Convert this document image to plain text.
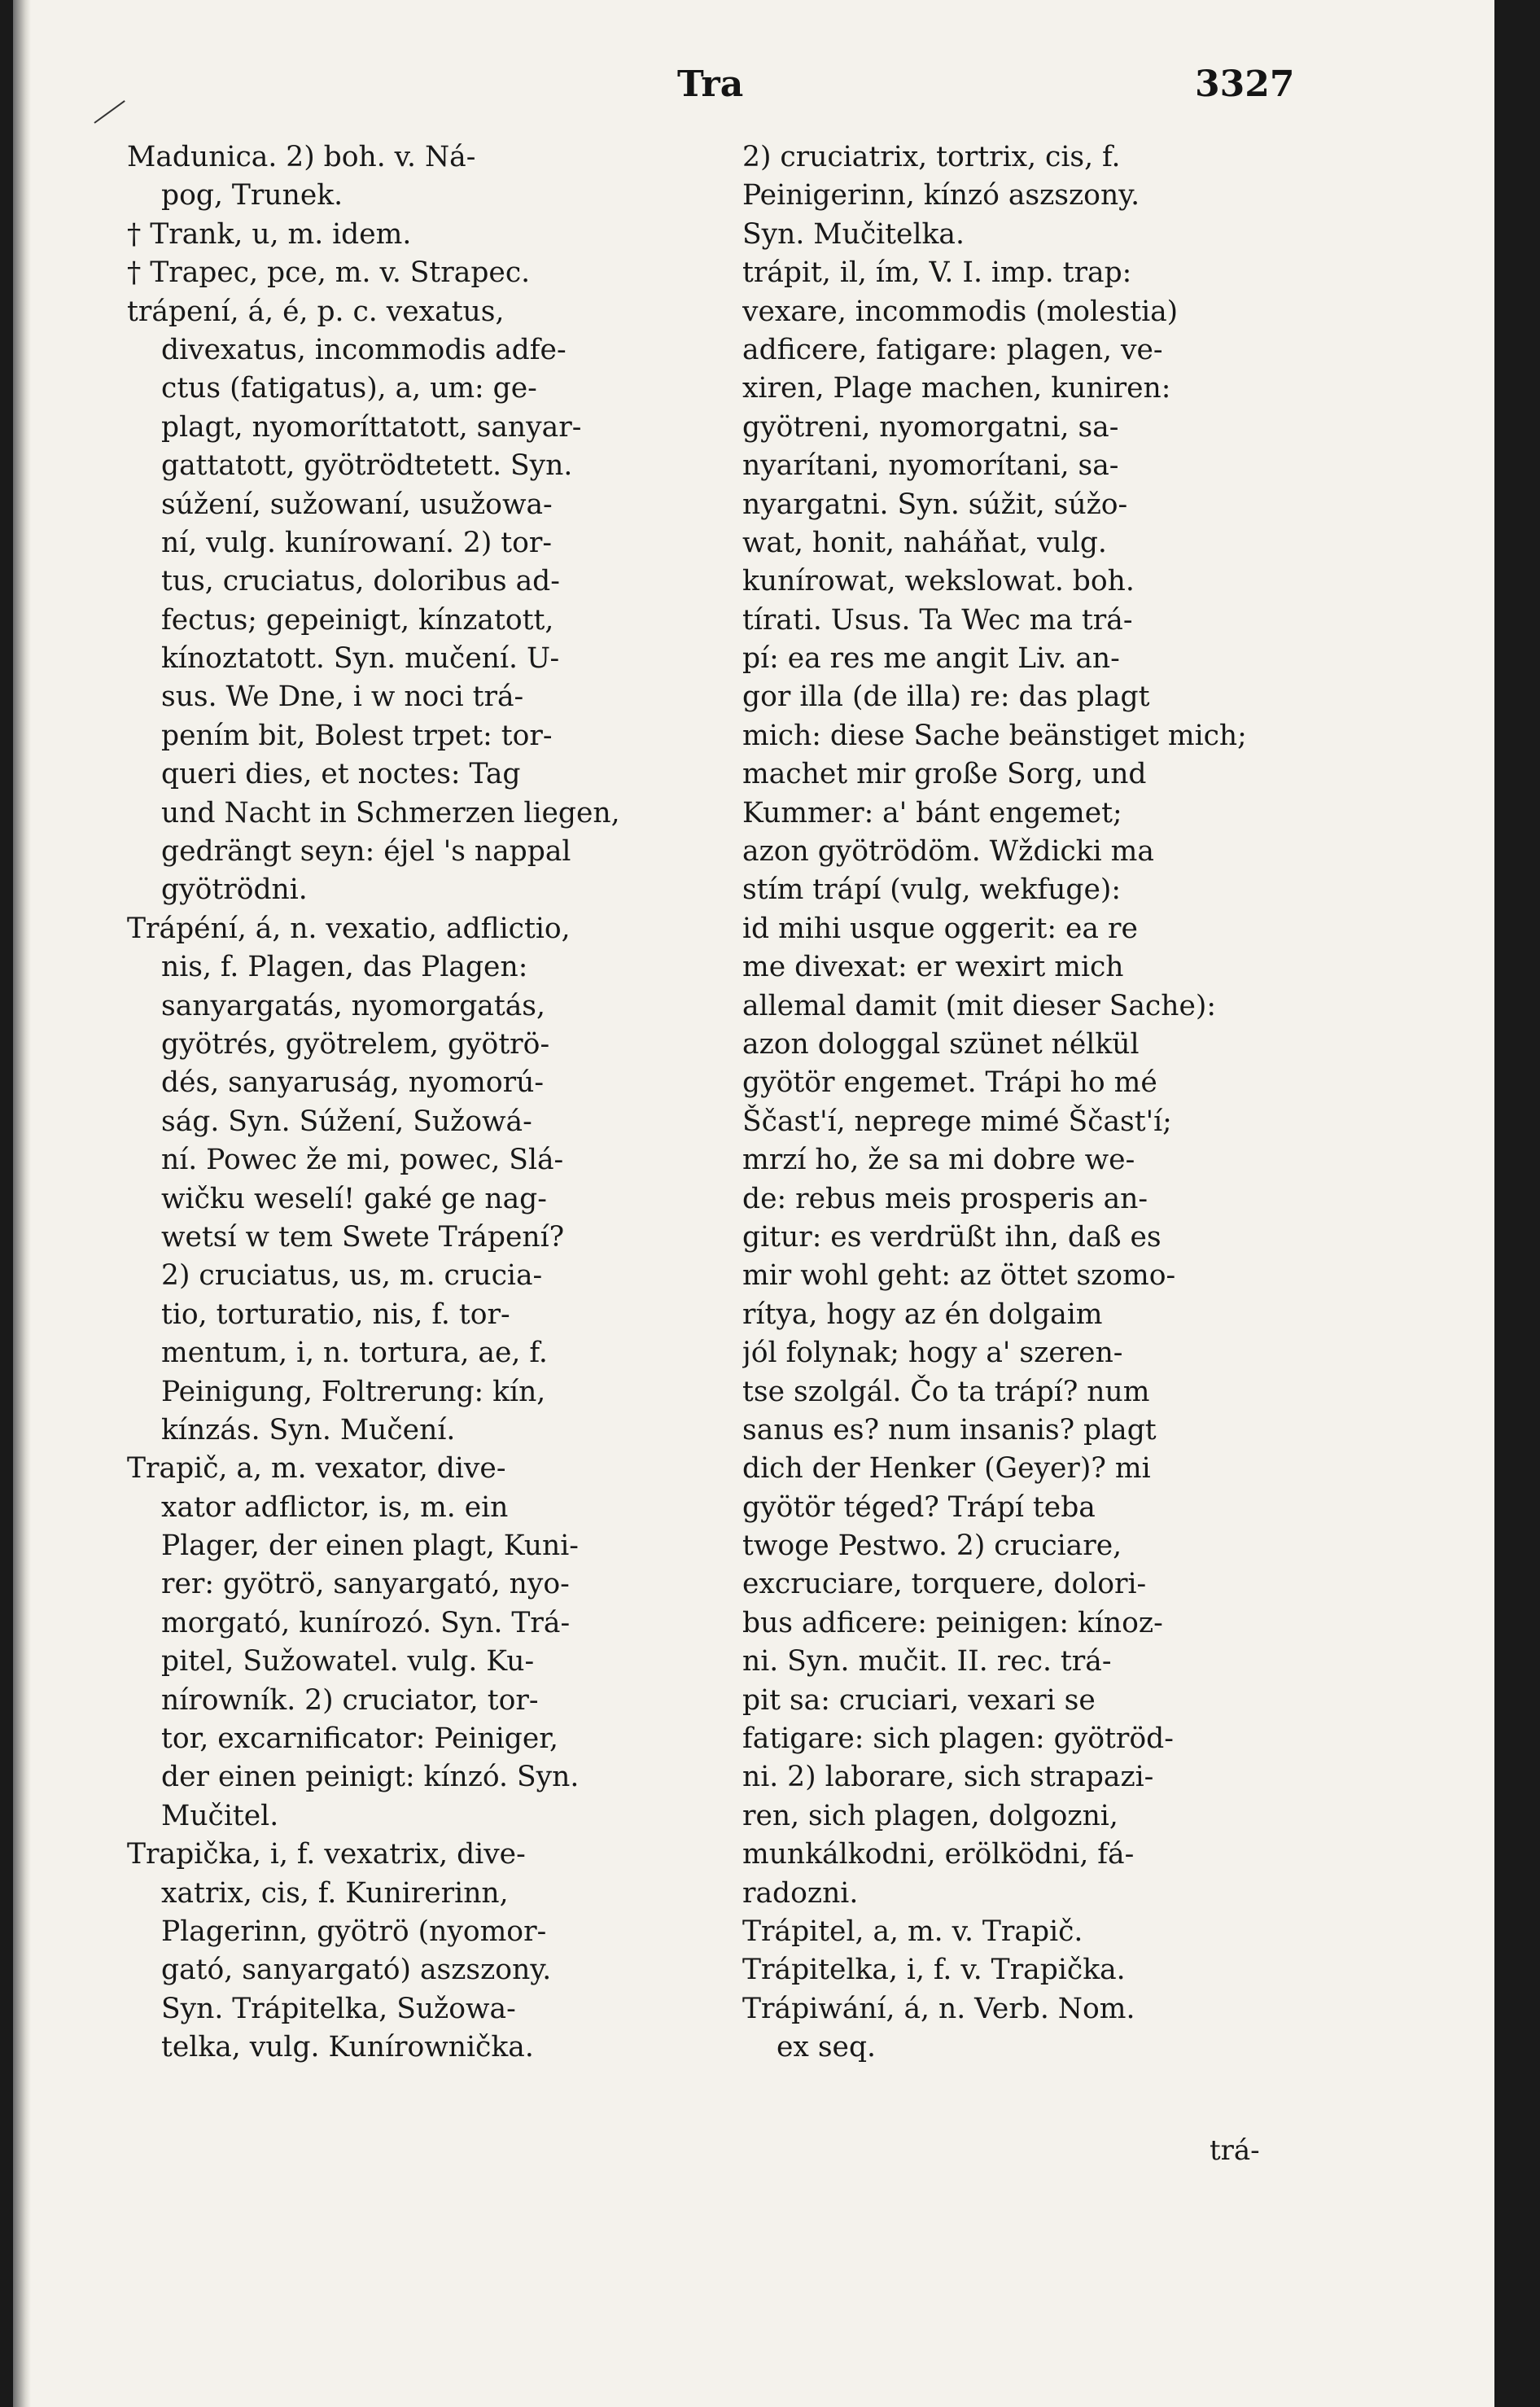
Tra	3327
Madunica. 2) boh. v. Ná-
pog, Trunek.
† Trank, u, m. idem.
† Trapec, pce, m. v. Strapec.
trápení, á, é, p. c. vexatus,
divexatus, incommodis adfe-
ctus (fatigatus), a, um: ge-
plagt, nyomoríttatott, sanyar-
gattatott, gyötrödtetett. Syn.
súžení, sužowaní, usužowa-
ní, vulg. kunírowaní. 2) tor-
tus, cruciatus, doloribus ad-
fectus; gepeinigt, kínzatott,
kínoztatott. Syn. mučení. U-
sus. We Dne, i w noci trá-
pením bit, Bolest trpet: tor-
queri dies, et noctes: Tag
und Nacht in Schmerzen liegen,
gedrängt seyn: éjel 's nappal
gyötrödni.
Trápéní, á, n. vexatio, adflictio,
nis, f. Plagen, das Plagen:
sanyargatás, nyomorgatás,
gyötrés, gyötrelem, gyötrö-
dés, sanyaruság, nyomorú-
ság. Syn. Súžení, Sužowá-
ní. Powec že mi, powec, Slá-
wičku weselí! gaké ge nag-
wetsí w tem Swete Trápení?
2) cruciatus, us, m. crucia-
tio, torturatio, nis, f. tor-
mentum, i, n. tortura, ae, f.
Peinigung, Foltrerung: kín,
kínzás. Syn. Mučení.
Trapič, a, m. vexator, dive-
xator adflictor, is, m. ein
Plager, der einen plagt, Kuni-
rer: gyötrö, sanyargató, nyo-
morgató, kunírozó. Syn. Trá-
pitel, Sužowatel. vulg. Ku-
nírowník. 2) cruciator, tor-
tor, excarnificator: Peiniger,
der einen peinigt: kínzó. Syn.
Mučitel.
Trapička, i, f. vexatrix, dive-
xatrix, cis, f. Kunirerinn,
Plagerinn, gyötrö (nyomor-
gató, sanyargató) aszszony.
Syn. Trápitelka, Sužowa-
telka, vulg. Kunírownička.
2) cruciatrix, tortrix, cis, f.
Peinigerinn, kínzó aszszony.
Syn. Mučitelka.
trápit, il, ím, V. I. imp. trap:
vexare, incommodis (molestia)
adficere, fatigare: plagen, ve-
xiren, Plage machen, kuniren:
gyötreni, nyomorgatni, sa-
nyarítani, nyomorítani, sa-
nyargatni. Syn. súžit, súžo-
wat, honit, naháňat, vulg.
kunírowat, wekslowat. boh.
tírati. Usus. Ta Wec ma trá-
pí: ea res me angit Liv. an-
gor illa (de illa) re: das plagt
mich: diese Sache beänstiget mich;
machet mir große Sorg, und
Kummer: a' bánt engemet;
azon gyötrödöm. Wždicki ma
stím trápí (vulg, wekfuge):
id mihi usque oggerit: ea re
me divexat: er wexirt mich
allemal damit (mit dieser Sache):
azon dologgal szünet nélkül
gyötör engemet. Trápi ho mé
Ščast'í, neprege mimé Ščast'í;
mrzí ho, že sa mi dobre we-
de: rebus meis prosperis an-
gitur: es verdrüßt ihn, daß es
mir wohl geht: az öttet szomo-
rítya, hogy az én dolgaim
jól folynak; hogy a' szeren-
tse szolgál. Čo ta trápí? num
sanus es? num insanis? plagt
dich der Henker (Geyer)? mi
gyötör téged? Trápí teba
twoge Pestwo. 2) cruciare,
excruciare, torquere, dolori-
bus adficere: peinigen: kínoz-
ni. Syn. mučit. II. rec. trá-
pit sa: cruciari, vexari se
fatigare: sich plagen: gyötröd-
ni. 2) laborare, sich strapazi-
ren, sich plagen, dolgozni,
munkálkodni, erölködni, fá-
radozni.
Trápitel, a, m. v. Trapič.
Trápitelka, i, f. v. Trapička.
Trápiwání, á, n. Verb. Nom.
ex seq.
trá-
